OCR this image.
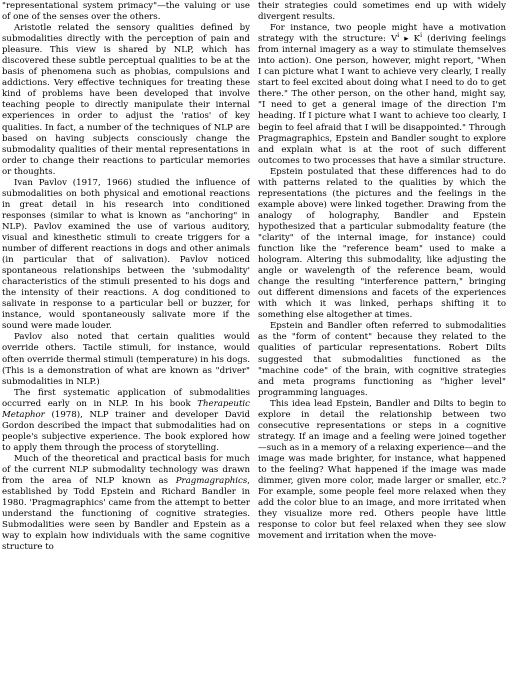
"representational system primacy"—the valuing or use of one of the senses over the others.

Aristotle related the sensory qualities defined by submodalities directly with the perception of pain and pleasure. This view is shared by NLP, which has discovered these subtle perceptual qualities to be at the basis of phenomena such as phobias, compulsions and addictions. Very effective techniques for treating these kind of problems have been developed that involve teaching people to directly manipulate their internal experiences in order to adjust the 'ratios' of key qualities. In fact, a number of the techniques of NLP are based on having subjects consciously change the submodality qualities of their mental representations in order to change their reactions to particular memories or thoughts.

Ivan Pavlov (1917, 1966) studied the influence of submodalities on both physical and emotional reactions in great detail in his research into conditioned responses (similar to what is known as "anchoring" in NLP). Pavlov examined the use of various auditory, visual and kinesthetic stimuli to create triggers for a number of different reactions in dogs and other animals (in particular that of salivation). Pavlov noticed spontaneous relationships between the 'submodality' characteristics of the stimuli presented to his dogs and the intensity of their reactions. A dog conditioned to salivate in response to a particular bell or buzzer, for instance, would spontaneously salivate more if the sound were made louder.

Pavlov also noted that certain qualities would override others. Tactile stimuli, for instance, would often override thermal stimuli (temperature) in his dogs. (This is a demonstration of what are known as "driver" submodalities in NLP.)

The first systematic application of submodalities occurred early on in NLP. In his book Therapeutic Metaphor (1978), NLP trainer and developer David Gordon described the impact that submodalities had on people's subjective experience. The book explored how to apply them through the process of storytelling.

Much of the theoretical and practical basis for much of the current NLP submodality technology was drawn from the area of NLP known as Pragmagraphics, established by Todd Epstein and Richard Bandler in 1980. 'Pragmagraphics' came from the attempt to better understand the functioning of cognitive strategies. Submodalities were seen by Bandler and Epstein as a way to explain how individuals with the same cognitive structure to

their strategies could sometimes end up with widely divergent results.

For instance, two people might have a motivation strategy with the structure: $V^i$ ▸ $K^i$ (deriving feelings from internal imagery as a way to stimulate themselves into action). One person, however, might report, "When I can picture what I want to achieve very clearly, I really start to feel excited about doing what I need to do to get there." The other person, on the other hand, might say, "I need to get a general image of the direction I'm heading. If I picture what I want to achieve too clearly, I begin to feel afraid that I will be disappointed." Through Pragmagraphics, Epstein and Bandler sought to explore and explain what is at the root of such different outcomes to two processes that have a similar structure.

Epstein postulated that these differences had to do with patterns related to the qualities by which the representations (the pictures and the feelings in the example above) were linked together. Drawing from the analogy of holography, Bandler and Epstein hypothesized that a particular submodality feature (the "clarity" of the internal image, for instance) could function like the "reference beam" used to make a hologram. Altering this submodality, like adjusting the angle or wavelength of the reference beam, would change the resulting "interference pattern," bringing out different dimensions and facets of the experiences with which it was linked, perhaps shifting it to something else altogether at times.

Epstein and Bandler often referred to submodalities as the "form of content" because they related to the qualities of particular representations. Robert Dilts suggested that submodalities functioned as the "machine code" of the brain, with cognitive strategies and meta programs functioning as "higher level" programming languages.

This idea lead Epstein, Bandler and Dilts to begin to explore in detail the relationship between two consecutive representations or steps in a cognitive strategy. If an image and a feeling were joined together—such as in a memory of a relaxing experience—and the image was made brighter, for instance, what happened to the feeling? What happened if the image was made dimmer, given more color, made larger or smaller, etc.? For example, some people feel more relaxed when they add the color blue to an image, and more irritated when they visualize more red. Others people have little response to color but feel relaxed when they see slow movement and irritation when the move-
